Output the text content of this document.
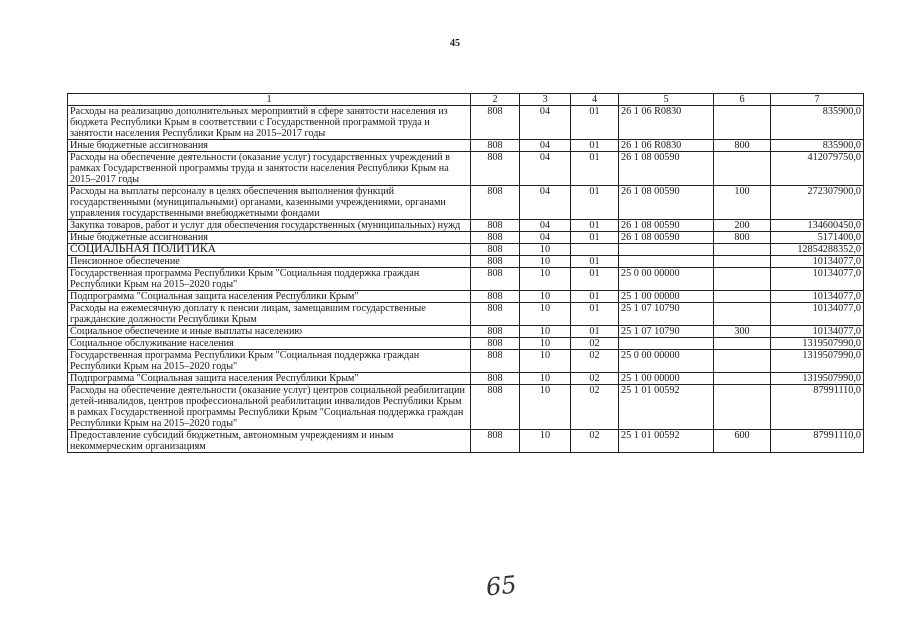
45
1	2	3	4	5	6	7
Расходы на реализацию дополнительных мероприятий в сфере занятости населения из бюджета Республики Крым в соответствии с Государственной программой труда и занятости населения Республики Крым на 2015–2017 годы	808	04	01	26 1 06 R0830		835900,0
Иные бюджетные ассигнования	808	04	01	26 1 06 R0830	800	835900,0
Расходы на обеспечение деятельности (оказание услуг) государственных учреждений в рамках Государственной программы труда и занятости населения Республики Крым на 2015–2017 годы	808	04	01	26 1 08 00590		412079750,0
Расходы на выплаты персоналу в целях обеспечения выполнения функций государственными (муниципальными) органами, казенными учреждениями, органами управления государственными внебюджетными фондами	808	04	01	26 1 08 00590	100	272307900,0
Закупка товаров, работ и услуг для обеспечения государственных (муниципальных) нужд	808	04	01	26 1 08 00590	200	134600450,0
Иные бюджетные ассигнования	808	04	01	26 1 08 00590	800	5171400,0
СОЦИАЛЬНАЯ ПОЛИТИКА	808	10				12854288352,0
Пенсионное обеспечение	808	10	01			10134077,0
Государственная программа Республики Крым "Социальная поддержка граждан Республики Крым на 2015–2020 годы"	808	10	01	25 0 00 00000		10134077,0
Подпрограмма "Социальная защита населения Республики Крым"	808	10	01	25 1 00 00000		10134077,0
Расходы на ежемесячную доплату к пенсии лицам, замещавшим государственные гражданские должности Республики Крым	808	10	01	25 1 07 10790		10134077,0
Социальное обеспечение и иные выплаты населению	808	10	01	25 1 07 10790	300	10134077,0
Социальное обслуживание населения	808	10	02			1319507990,0
Государственная программа Республики Крым "Социальная поддержка граждан Республики Крым на 2015–2020 годы"	808	10	02	25 0 00 00000		1319507990,0
Подпрограмма "Социальная защита населения Республики Крым"	808	10	02	25 1 00 00000		1319507990,0
Расходы на обеспечение деятельности (оказание услуг) центров социальной реабилитации детей-инвалидов, центров профессиональной реабилитации инвалидов Республики Крым в рамках Государственной программы Республики Крым "Социальная поддержка граждан Республики Крым на 2015–2020 годы"	808	10	02	25 1 01 00592		87991110,0
Предоставление субсидий бюджетным, автономным учреждениям и иным некоммерческим организациям	808	10	02	25 1 01 00592	600	87991110,0
65
